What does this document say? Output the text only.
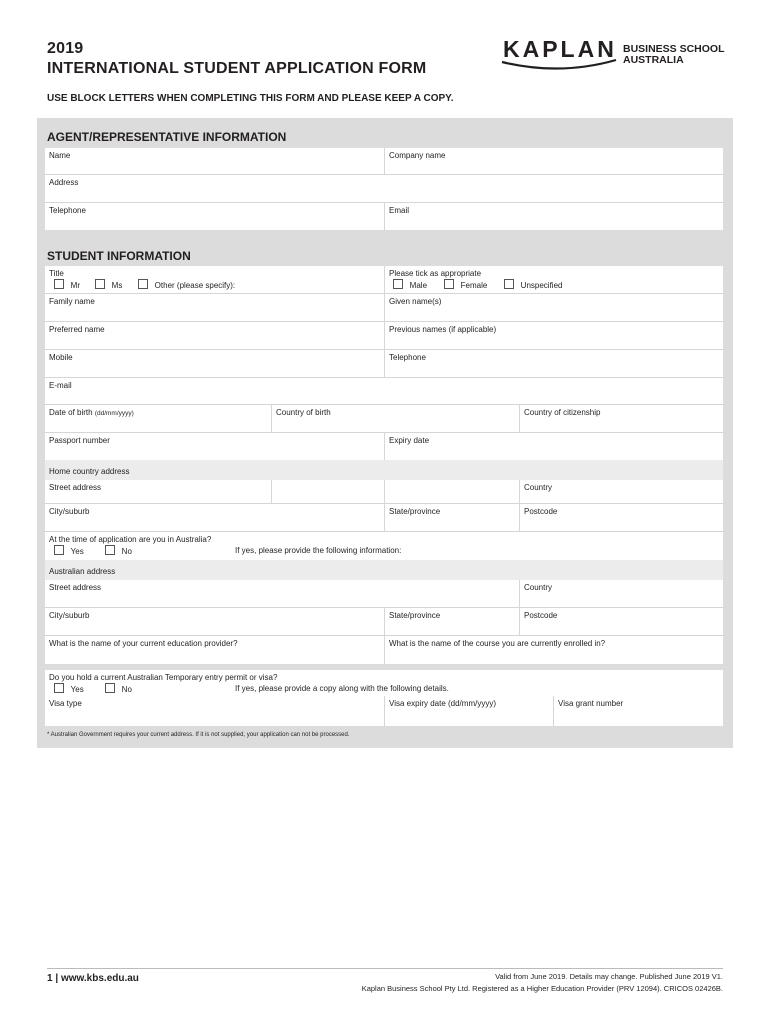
2019
INTERNATIONAL STUDENT APPLICATION FORM
KAPLAN BUSINESS SCHOOL
AUSTRALIA
USE BLOCK LETTERS WHEN COMPLETING THIS FORM AND PLEASE KEEP A COPY.
AGENT/REPRESENTATIVE INFORMATION
Name	Company name
Address
Telephone	Email
STUDENT INFORMATION
Title
Mr	Ms	Other (please specify):
Please tick as appropriate
Male	Female	Unspecified
Family name	Given name(s)
Preferred name	Previous names (if applicable)
Mobile	Telephone
E-mail
Date of birth (dd/mm/yyyy)	Country of birth	Country of citizenship
Passport number	Expiry date
Home country address
Street address	Country
City/suburb	State/province	Postcode
At the time of application are you in Australia?
Yes	No	If yes, please provide the following information:
Australian address
Street address	Country
City/suburb	State/province	Postcode
What is the name of your current education provider?	What is the name of the course you are currently enrolled in?
Do you hold a current Australian Temporary entry permit or visa?
Yes	No	If yes, please provide a copy along with the following details.
Visa type	Visa expiry date (dd/mm/yyyy)	Visa grant number
* Australian Government requires your current address. If it is not supplied, your application can not be processed.
1 | www.kbs.edu.au	Valid from June 2019. Details may change. Published June 2019 V1.
Kaplan Business School Pty Ltd. Registered as a Higher Education Provider (PRV 12094). CRICOS 02426B.
